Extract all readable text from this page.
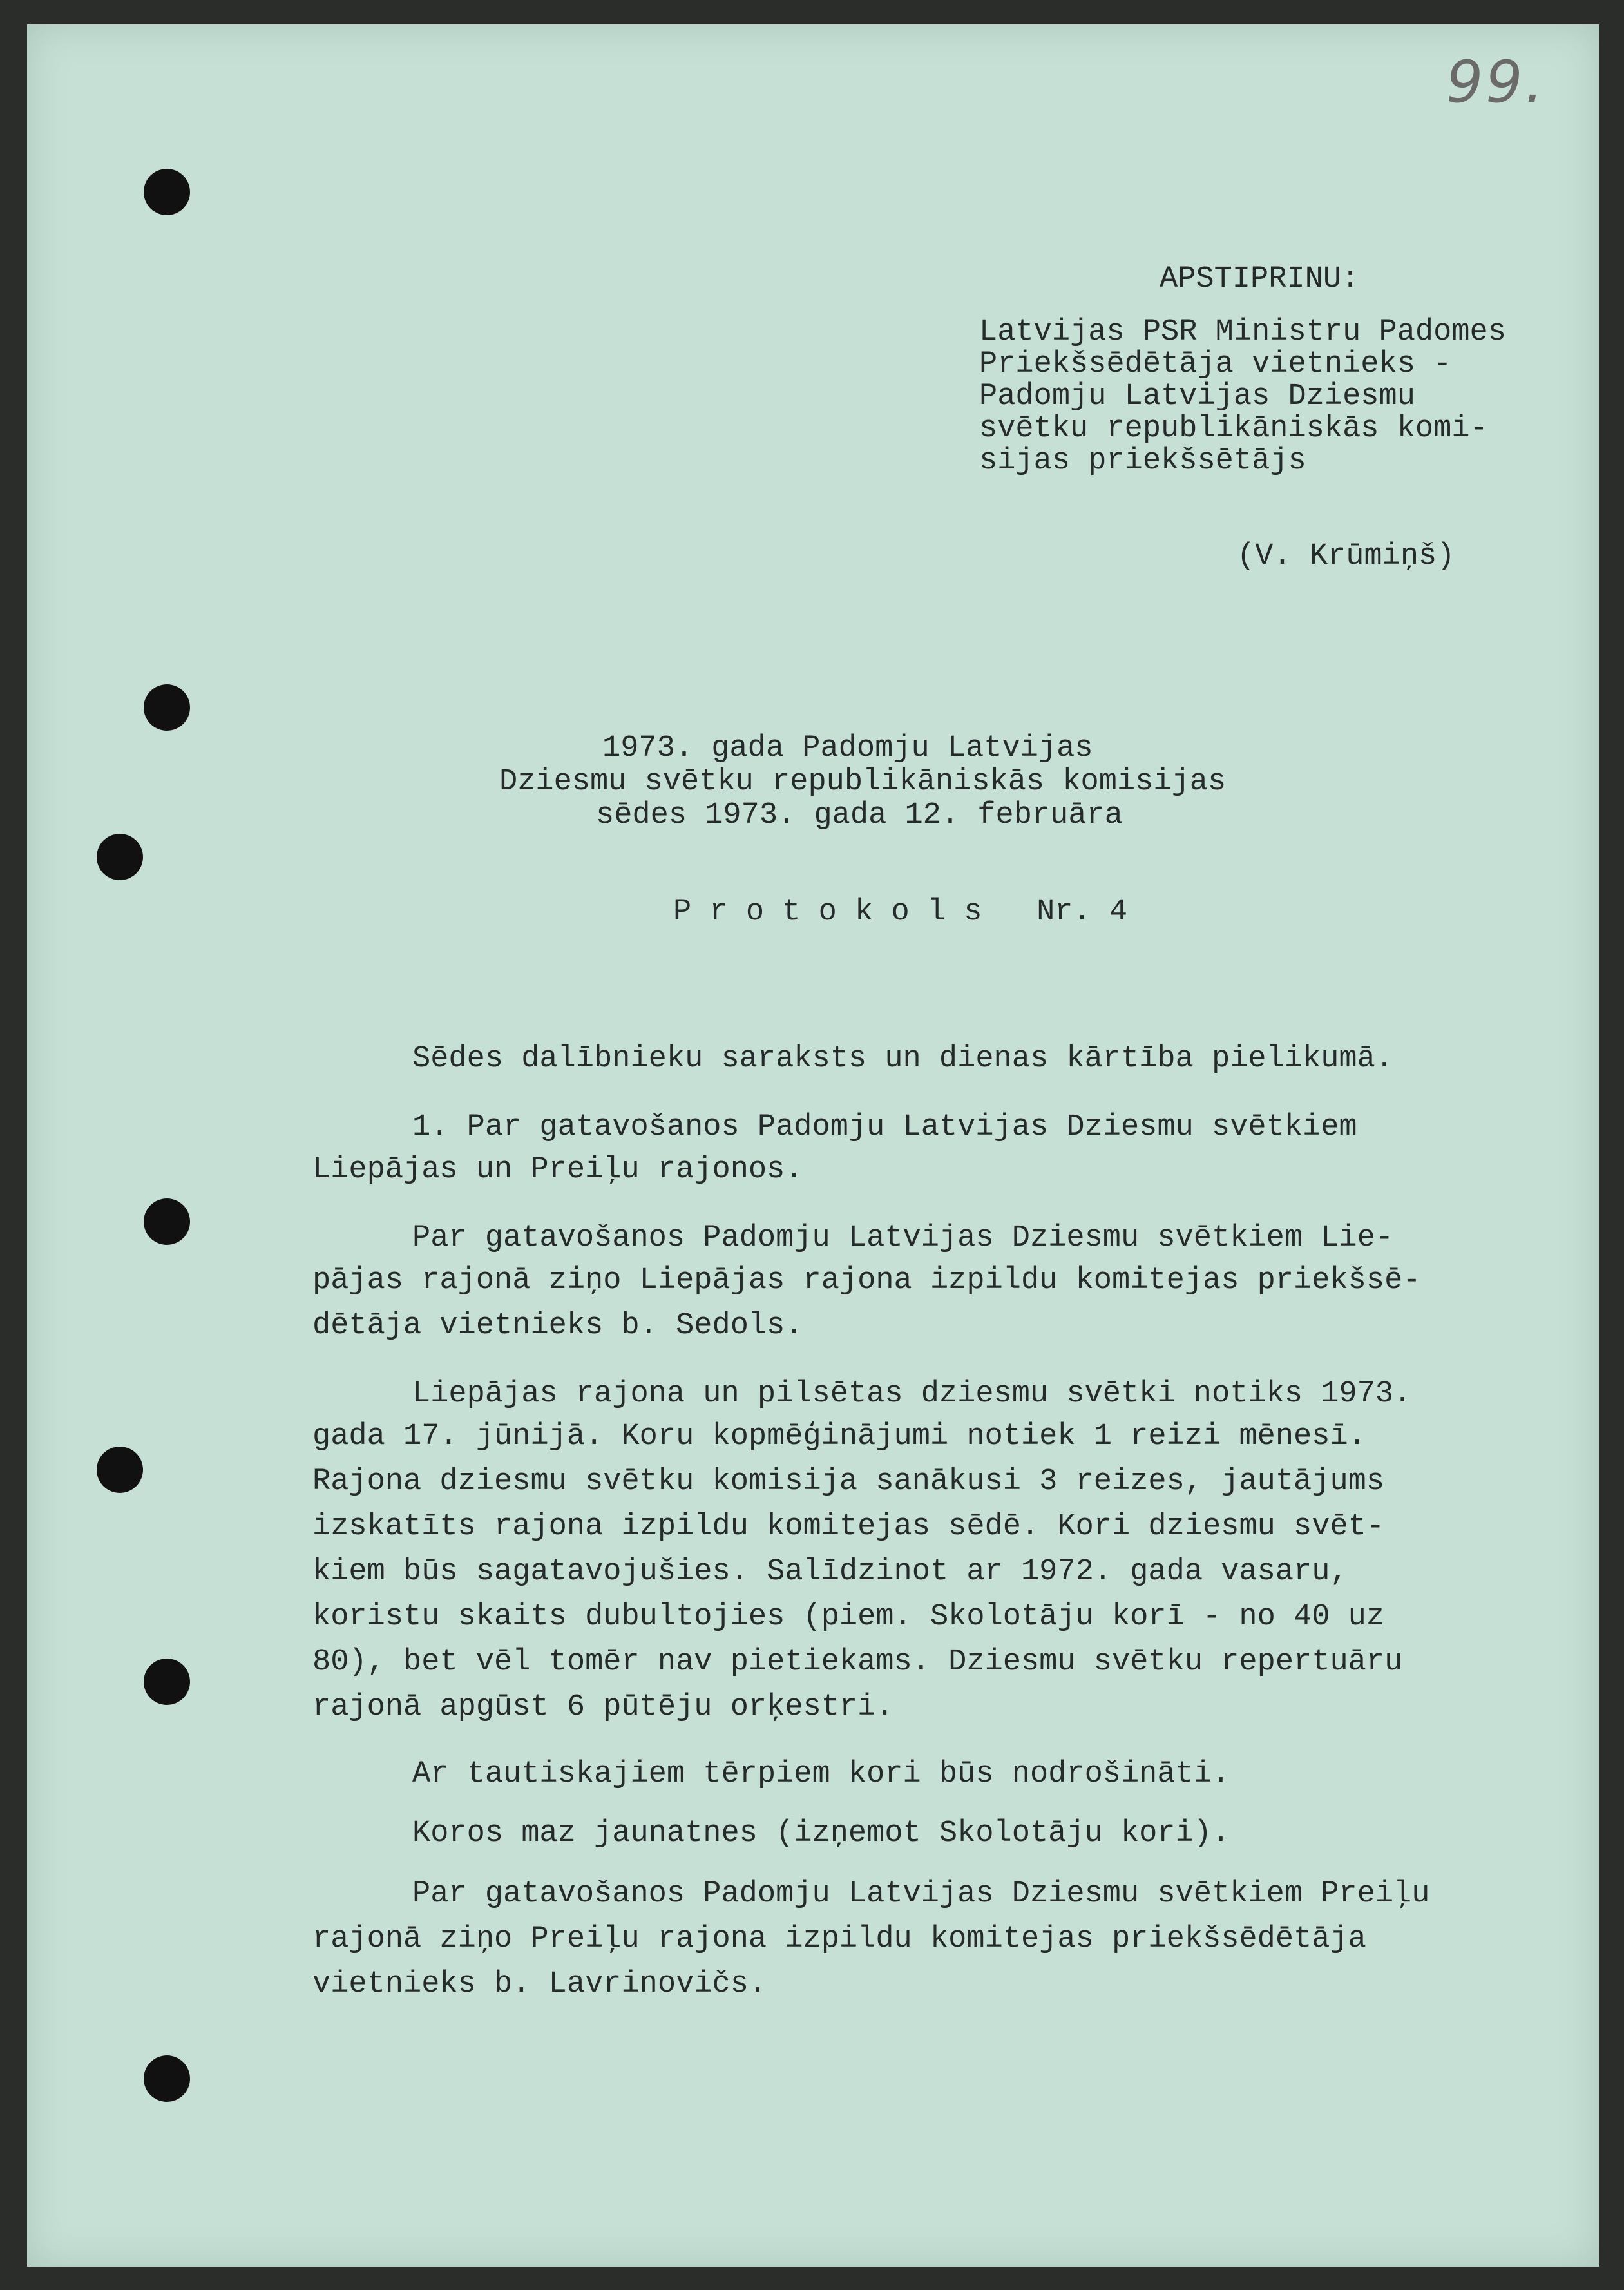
99.

APSTIPRINU:

Latvijas PSR Ministru Padomes

Priekšsēdētāja vietnieks -

Padomju Latvijas Dziesmu

svētku republikāniskās komi-

sijas priekšsētājs

(V. Krūmiņš)

1973. gada Padomju Latvijas

Dziesmu svētku republikāniskās komisijas

sēdes 1973. gada 12. februāra

P r o t o k o l s   Nr. 4

Sēdes dalībnieku saraksts un dienas kārtība pielikumā.

1. Par gatavošanos Padomju Latvijas Dziesmu svētkiem

Liepājas un Preiļu rajonos.

Par gatavošanos Padomju Latvijas Dziesmu svētkiem Lie-

pājas rajonā ziņo Liepājas rajona izpildu komitejas priekšsē-

dētāja vietnieks b. Sedols.

Liepājas rajona un pilsētas dziesmu svētki notiks 1973.

gada 17. jūnijā. Koru kopmēģinājumi notiek 1 reizi mēnesī.

Rajona dziesmu svētku komisija sanākusi 3 reizes, jautājums

izskatīts rajona izpildu komitejas sēdē. Kori dziesmu svēt-

kiem būs sagatavojušies. Salīdzinot ar 1972. gada vasaru,

koristu skaits dubultojies (piem. Skolotāju korī - no 40 uz

80), bet vēl tomēr nav pietiekams. Dziesmu svētku repertuāru

rajonā apgūst 6 pūtēju orķestri.

Ar tautiskajiem tērpiem kori būs nodrošināti.

Koros maz jaunatnes (izņemot Skolotāju kori).

Par gatavošanos Padomju Latvijas Dziesmu svētkiem Preiļu

rajonā ziņo Preiļu rajona izpildu komitejas priekšsēdētāja

vietnieks b. Lavrinovičs.
